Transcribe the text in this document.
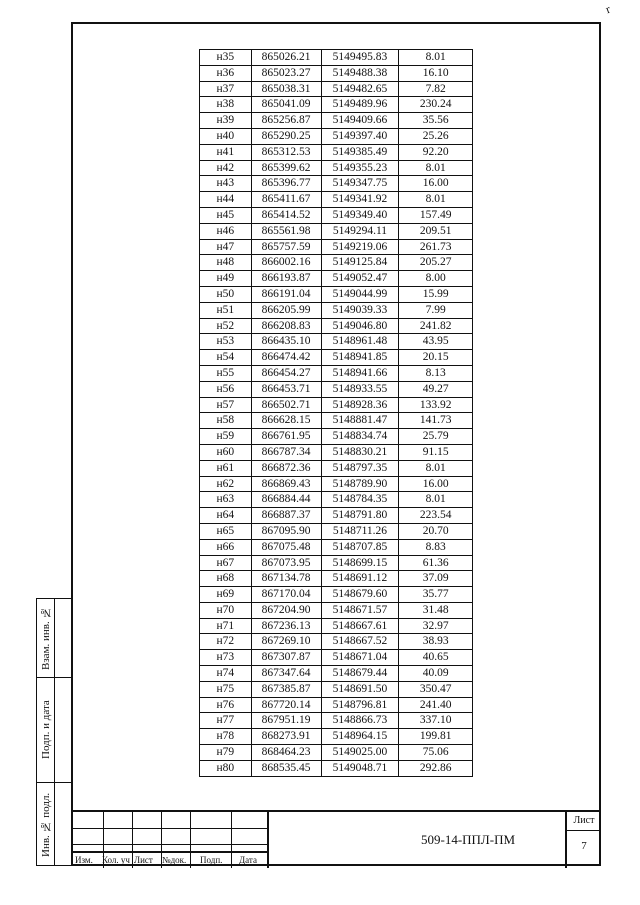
r
Взам. инв. №
Подп. и дата
Инв. № подл.
н35	865026.21	5149495.83	8.01
н36	865023.27	5149488.38	16.10
н37	865038.31	5149482.65	7.82
н38	865041.09	5149489.96	230.24
н39	865256.87	5149409.66	35.56
н40	865290.25	5149397.40	25.26
н41	865312.53	5149385.49	92.20
н42	865399.62	5149355.23	8.01
н43	865396.77	5149347.75	16.00
н44	865411.67	5149341.92	8.01
н45	865414.52	5149349.40	157.49
н46	865561.98	5149294.11	209.51
н47	865757.59	5149219.06	261.73
н48	866002.16	5149125.84	205.27
н49	866193.87	5149052.47	8.00
н50	866191.04	5149044.99	15.99
н51	866205.99	5149039.33	7.99
н52	866208.83	5149046.80	241.82
н53	866435.10	5148961.48	43.95
н54	866474.42	5148941.85	20.15
н55	866454.27	5148941.66	8.13
н56	866453.71	5148933.55	49.27
н57	866502.71	5148928.36	133.92
н58	866628.15	5148881.47	141.73
н59	866761.95	5148834.74	25.79
н60	866787.34	5148830.21	91.15
н61	866872.36	5148797.35	8.01
н62	866869.43	5148789.90	16.00
н63	866884.44	5148784.35	8.01
н64	866887.37	5148791.80	223.54
н65	867095.90	5148711.26	20.70
н66	867075.48	5148707.85	8.83
н67	867073.95	5148699.15	61.36
н68	867134.78	5148691.12	37.09
н69	867170.04	5148679.60	35.77
н70	867204.90	5148671.57	31.48
н71	867236.13	5148667.61	32.97
н72	867269.10	5148667.52	38.93
н73	867307.87	5148671.04	40.65
н74	867347.64	5148679.44	40.09
н75	867385.87	5148691.50	350.47
н76	867720.14	5148796.81	241.40
н77	867951.19	5148866.73	337.10
н78	868273.91	5148964.15	199.81
н79	868464.23	5149025.00	75.06
н80	868535.45	5149048.71	292.86
Изм. Кол. уч Лист №док. Подп. Дата
509-14-ППЛ-ПМ
Лист
7
